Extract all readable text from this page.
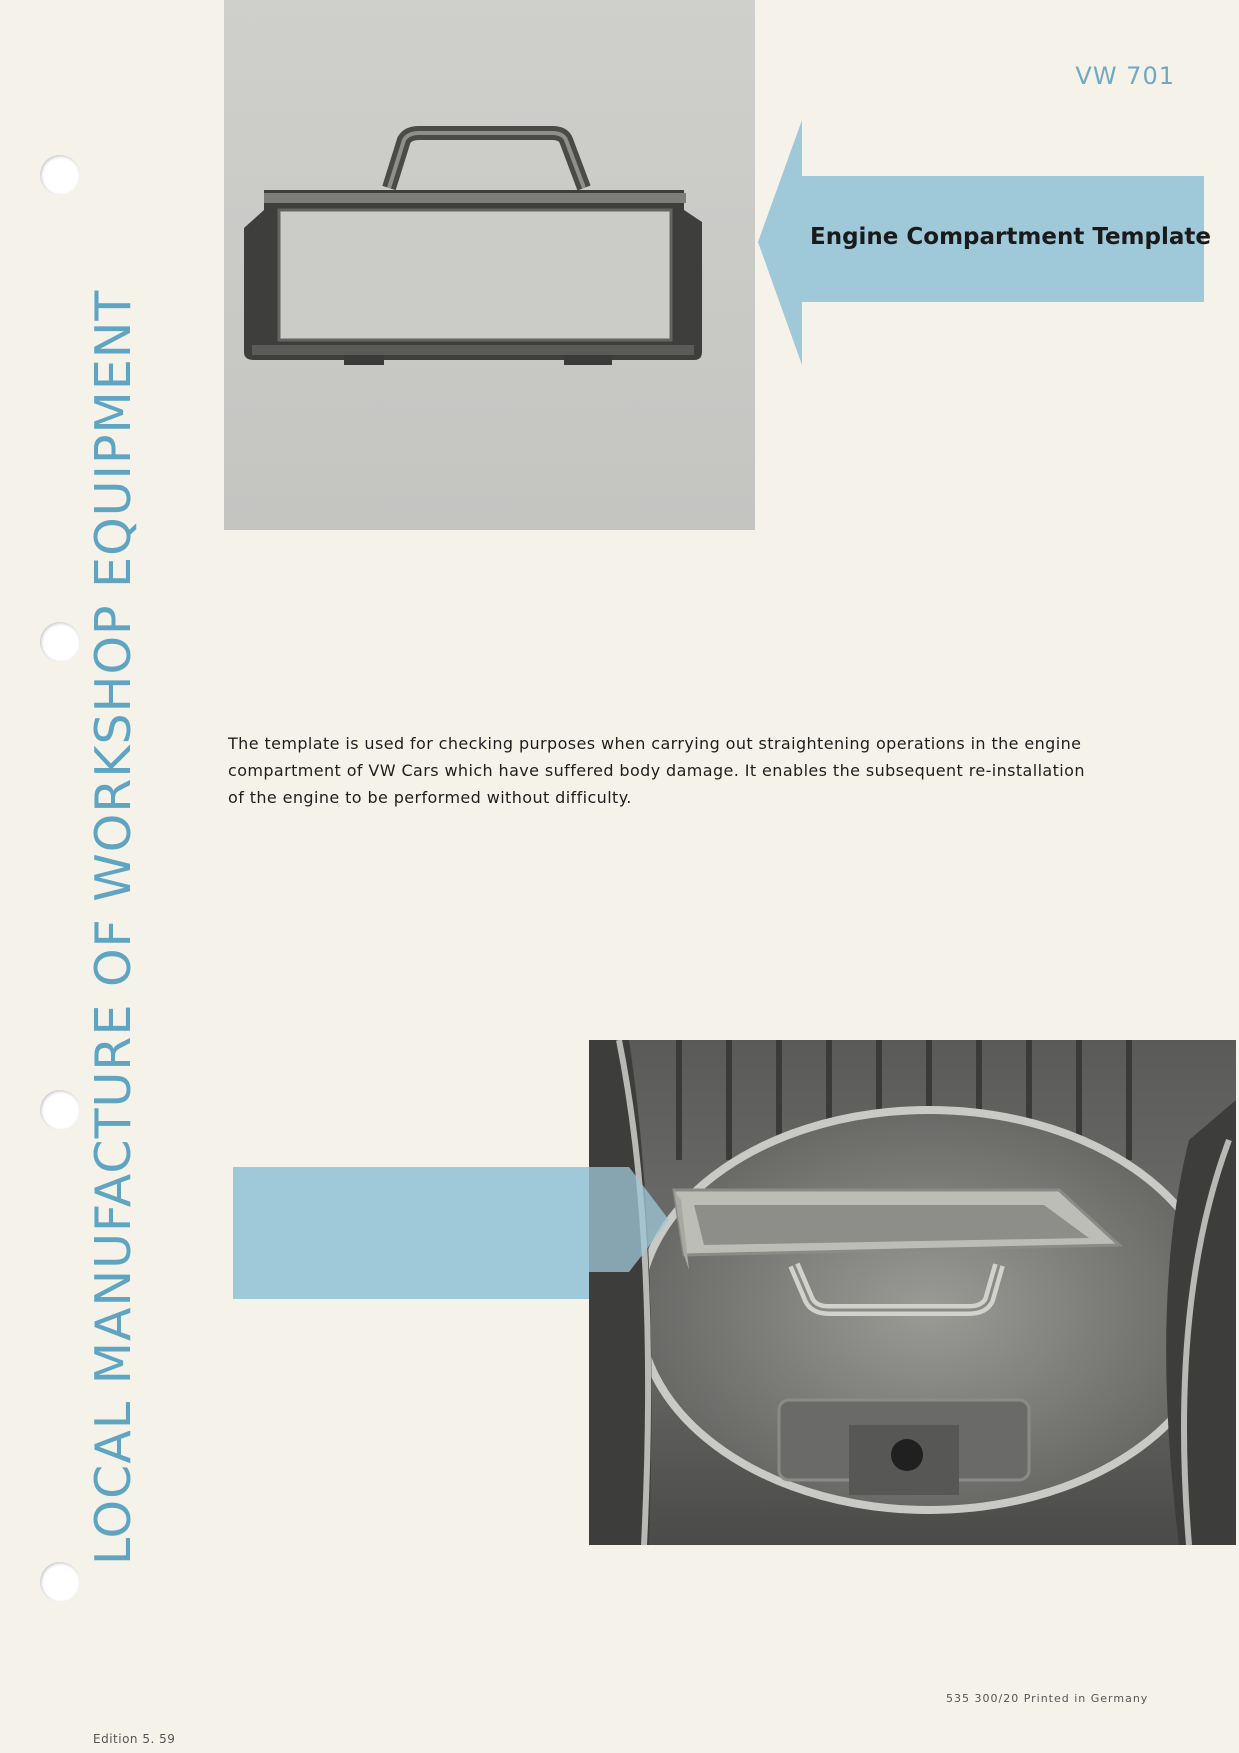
LOCAL MANUFACTURE OF WORKSHOP EQUIPMENT
VW 701
Engine Compartment Template
The template is used for checking purposes when carrying out straightening operations in the engine compartment of VW Cars which have suffered body damage. It enables the subsequent re-installation of the engine to be performed without difficulty.
Edition 5. 59
535 300/20 Printed in Germany
